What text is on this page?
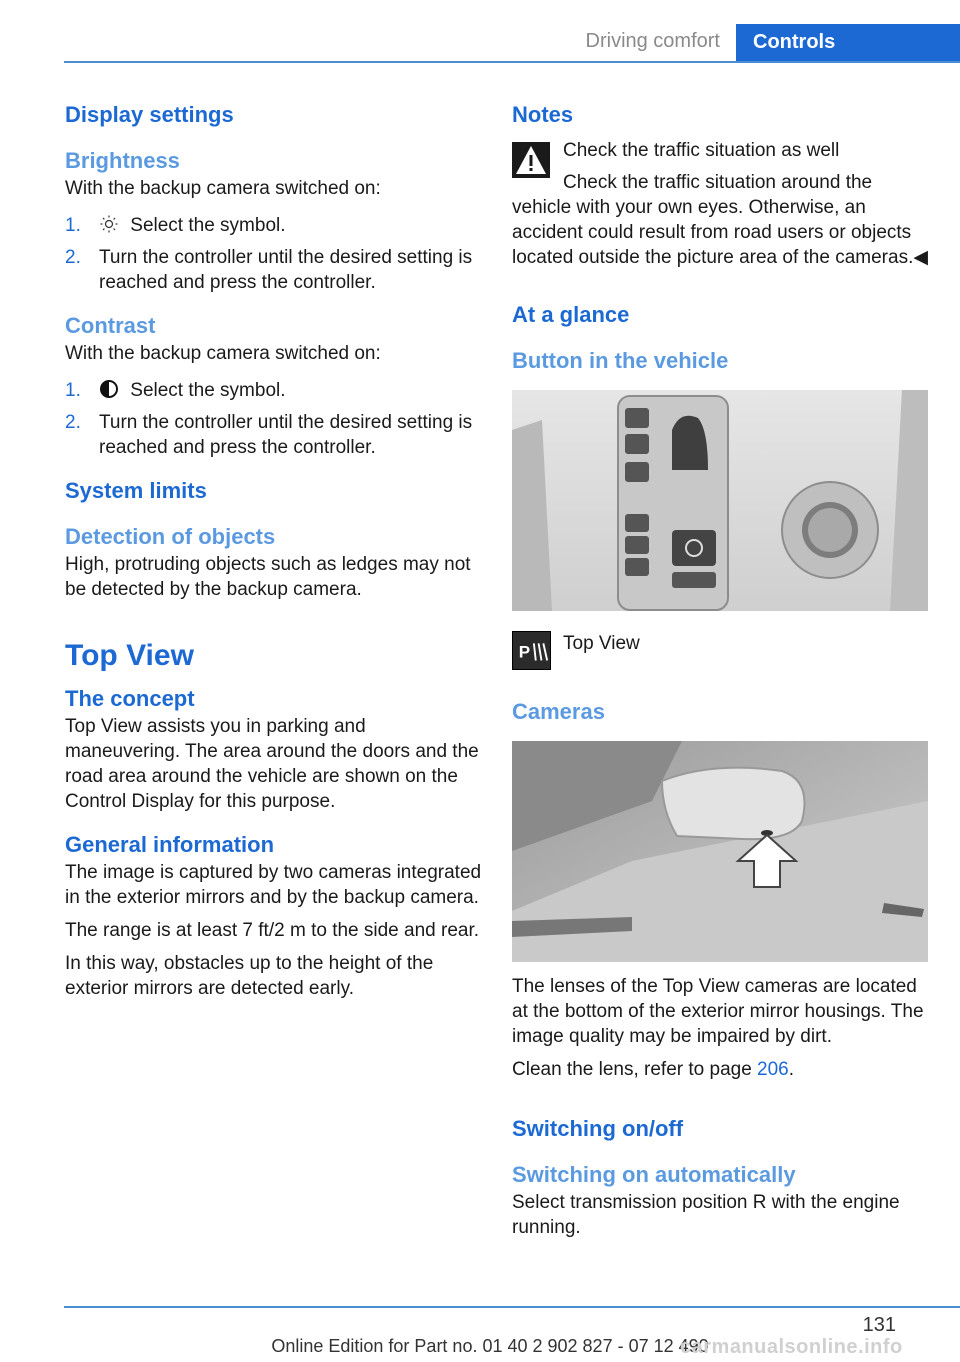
Driving comfort	Controls
Display settings
Brightness
With the backup camera switched on:
1.	Select the symbol.
2. Turn the controller until the desired setting is reached and press the controller.
Contrast
With the backup camera switched on:
1.	Select the symbol.
2. Turn the controller until the desired setting is reached and press the controller.
System limits
Detection of objects
High, protruding objects such as ledges may not be detected by the backup camera.
Top View
The concept
Top View assists you in parking and maneuvering. The area around the doors and the road area around the vehicle are shown on the Control Display for this purpose.
General information
The image is captured by two cameras integrated in the exterior mirrors and by the backup camera.
The range is at least 7 ft/2 m to the side and rear.
In this way, obstacles up to the height of the exterior mirrors are detected early.
Notes
Check the traffic situation as well
Check the traffic situation around the vehicle with your own eyes. Otherwise, an accident could result from road users or objects located outside the picture area of the cameras.◀
At a glance
Button in the vehicle
P Top View
Cameras
The lenses of the Top View cameras are located at the bottom of the exterior mirror housings. The image quality may be impaired by dirt.
Clean the lens, refer to page 206.
Switching on/off
Switching on automatically
Select transmission position R with the engine running.
131
Online Edition for Part no. 01 40 2 902 827 - 07 12 490
carmanualsonline.info
